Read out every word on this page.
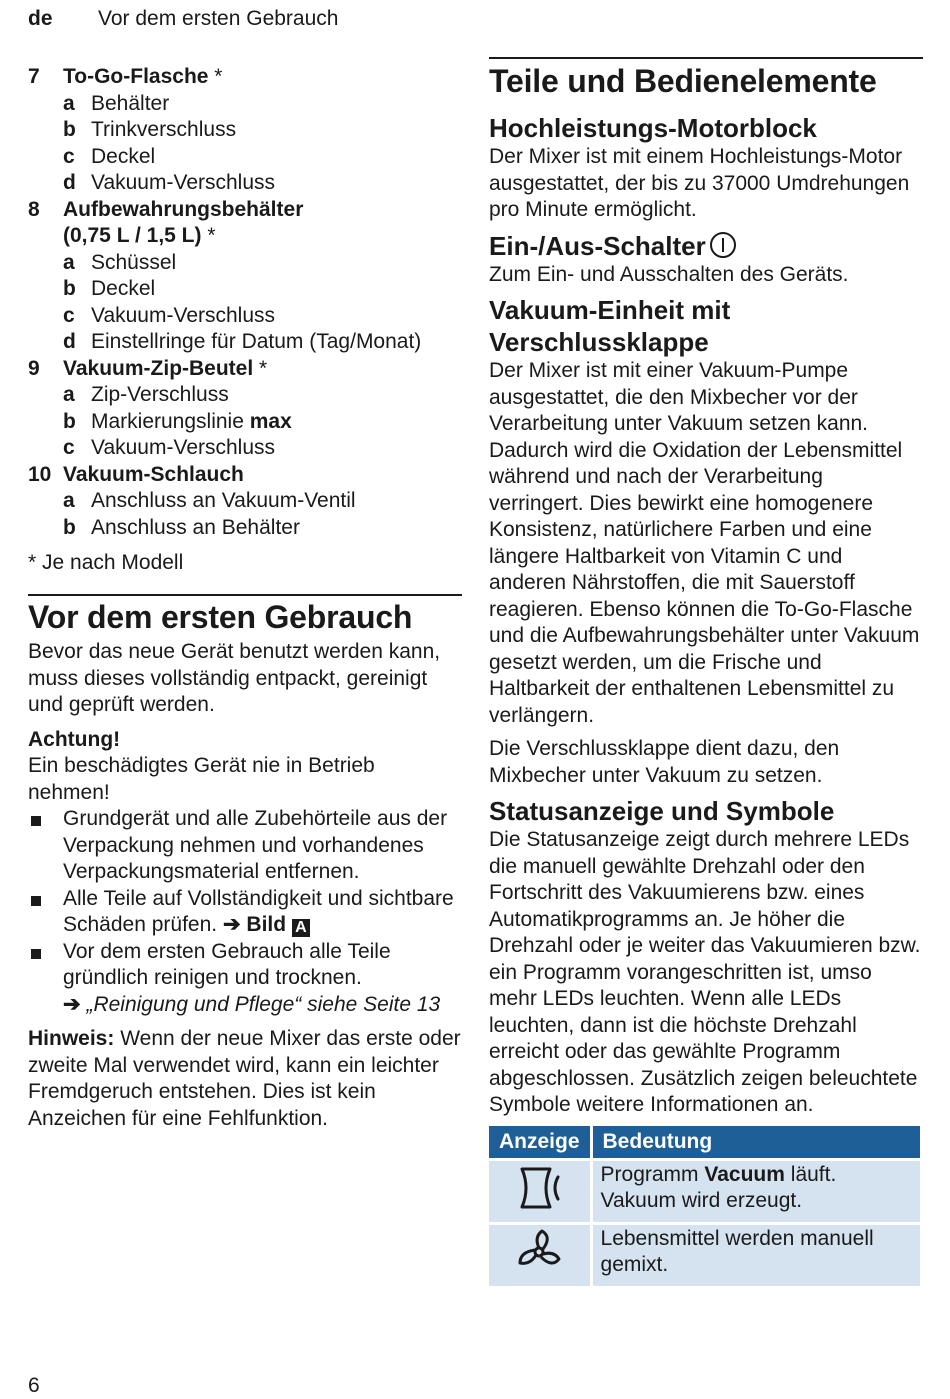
de Vor dem ersten Gebrauch
7 To-Go-Flasche *
a Behälter
b Trinkverschluss
c Deckel
d Vakuum-Verschluss
8 Aufbewahrungsbehälter
(0,75 L / 1,5 L) *
a Schüssel
b Deckel
c Vakuum-Verschluss
d Einstellringe für Datum (Tag/Monat)
9 Vakuum-Zip-Beutel *
a Zip-Verschluss
b Markierungslinie max
c Vakuum-Verschluss
10 Vakuum-Schlauch
a Anschluss an Vakuum-Ventil
b Anschluss an Behälter

* Je nach Modell

Vor dem ersten Gebrauch

Bevor das neue Gerät benutzt werden kann, muss dieses vollständig entpackt, gereinigt und geprüft werden.

Achtung!

Ein beschädigtes Gerät nie in Betrieb nehmen!

Grundgerät und alle Zubehörteile aus der Verpackung nehmen und vorhandenes Verpackungsmaterial entfernen.
Alle Teile auf Vollständigkeit und sichtbare Schäden prüfen. ➔ Bild A
Vor dem ersten Gebrauch alle Teile gründlich reinigen und trocknen.
➔ „Reinigung und Pflege“ siehe Seite 13

Hinweis: Wenn der neue Mixer das erste oder zweite Mal verwendet wird, kann ein leichter Fremdgeruch entstehen. Dies ist kein Anzeichen für eine Fehlfunktion.

Teile und Bedienelemente
Hochleistungs-Motorblock

Der Mixer ist mit einem Hochleistungs-Motor ausgestattet, der bis zu 37000 Umdrehungen pro Minute ermöglicht.

Ein-/Aus-Schalter

Zum Ein- und Ausschalten des Geräts.

Vakuum-Einheit mit Verschlussklappe

Der Mixer ist mit einer Vakuum-Pumpe ausgestattet, die den Mixbecher vor der Verarbeitung unter Vakuum setzen kann. Dadurch wird die Oxidation der Lebensmittel während und nach der Verarbeitung verringert. Dies bewirkt eine homogenere Konsistenz, natürlichere Farben und eine längere Haltbarkeit von Vitamin C und anderen Nährstoffen, die mit Sauerstoff reagieren. Ebenso können die To-Go-Flasche und die Aufbewahrungsbehälter unter Vakuum gesetzt werden, um die Frische und Haltbarkeit der enthaltenen Lebensmittel zu verlängern.

Die Verschlussklappe dient dazu, den Mixbecher unter Vakuum zu setzen.

Statusanzeige und Symbole

Die Statusanzeige zeigt durch mehrere LEDs die manuell gewählte Drehzahl oder den Fortschritt des Vakuumierens bzw. eines Automatikprogramms an. Je höher die Drehzahl oder je weiter das Vakuumieren bzw. ein Programm vorangeschritten ist, umso mehr LEDs leuchten. Wenn alle LEDs leuchten, dann ist die höchste Drehzahl erreicht oder das gewählte Programm abgeschlossen. Zusätzlich zeigen beleuchtete Symbole weitere Informationen an.

Anzeige	Bedeutung
	Programm Vacuum läuft. Vakuum wird erzeugt.
	Lebensmittel werden manuell gemixt.
6
